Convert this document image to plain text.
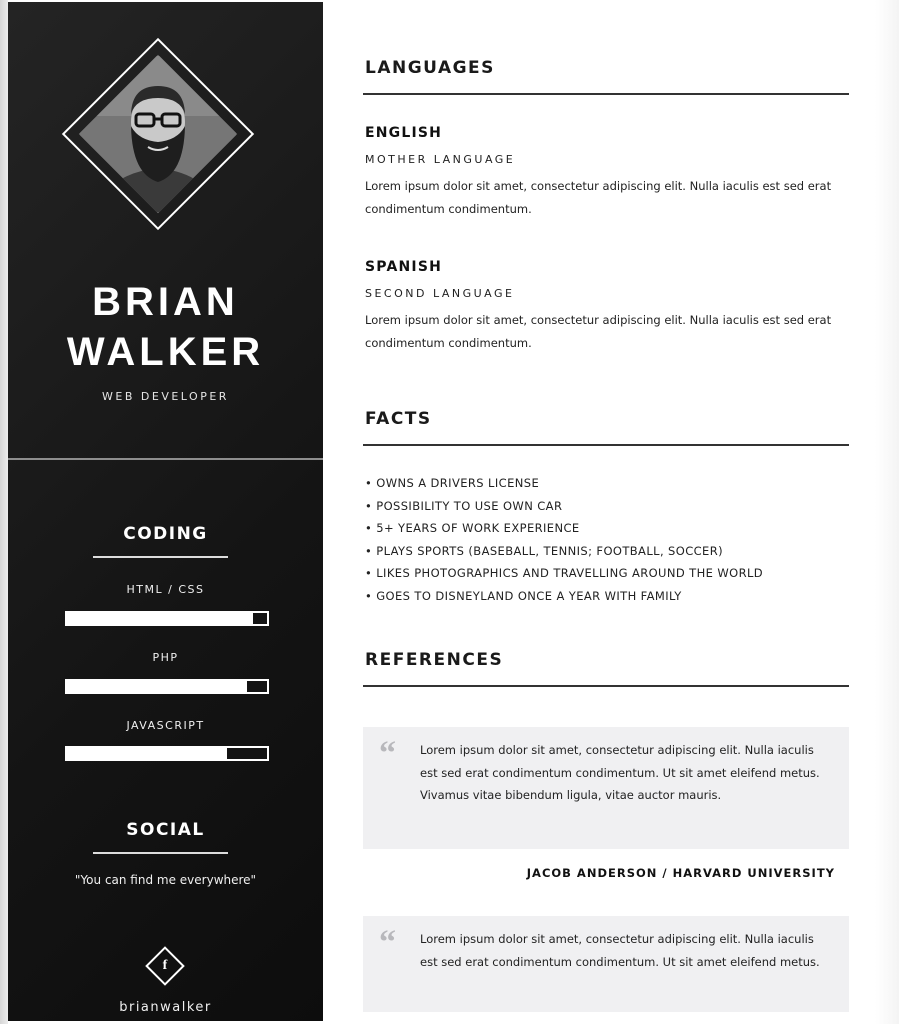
BRIAN
WALKER
WEB DEVELOPER
CODING
HTML / CSS
PHP
JAVASCRIPT
SOCIAL
"You can find me everywhere"
f
brianwalker
LANGUAGES
ENGLISH
MOTHER LANGUAGE
Lorem ipsum dolor sit amet, consectetur adipiscing elit. Nulla iaculis est sed erat condimentum condimentum.
SPANISH
SECOND LANGUAGE
Lorem ipsum dolor sit amet, consectetur adipiscing elit. Nulla iaculis est sed erat condimentum condimentum.
FACTS
• OWNS A DRIVERS LICENSE
• POSSIBILITY TO USE OWN CAR
• 5+ YEARS OF WORK EXPERIENCE
• PLAYS SPORTS (BASEBALL, TENNIS; FOOTBALL, SOCCER)
• LIKES PHOTOGRAPHICS AND TRAVELLING AROUND THE WORLD
• GOES TO DISNEYLAND ONCE A YEAR WITH FAMILY
REFERENCES
“ Lorem ipsum dolor sit amet, consectetur adipiscing elit. Nulla iaculis est sed erat condimentum condimentum. Ut sit amet eleifend metus. Vivamus vitae bibendum ligula, vitae auctor mauris.
JACOB ANDERSON / HARVARD UNIVERSITY
“ Lorem ipsum dolor sit amet, consectetur adipiscing elit. Nulla iaculis est sed erat condimentum condimentum. Ut sit amet eleifend metus.
